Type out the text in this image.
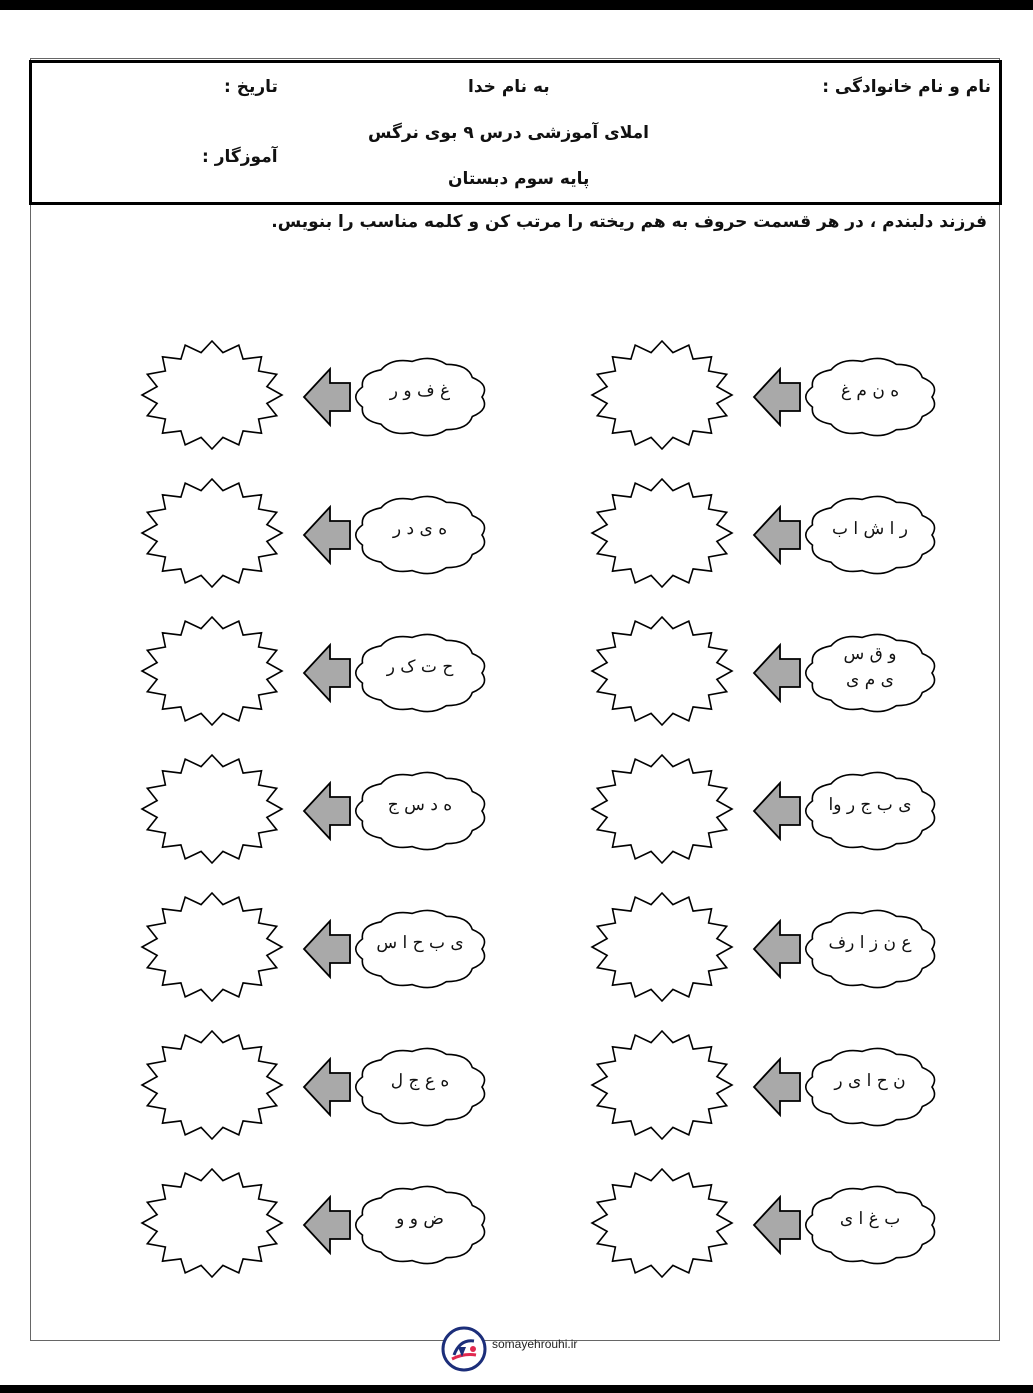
نام و نام خانوادگی :
به نام خدا
تاریخ :
املای آموزشی درس ۹ بوی نرگس
آموزگار :
پایه سوم دبستان
فرزند دلبندم ، در هر قسمت حروف به هم ریخته را مرتب کن و کلمه مناسب را بنویس.
ه ن م غ
ر ا ش ا ب
و ق س
ی م ی
ی ب ج ر وا
ع ن ز ا رف
ن ح ا ی ر
ب غ ا ی
غ ف و ر
ه ی د ر
ح ت ک ر
ه د س ج
ی ب ح ا س
ه ع ج ل
ض و و
somayehrouhi.ir
